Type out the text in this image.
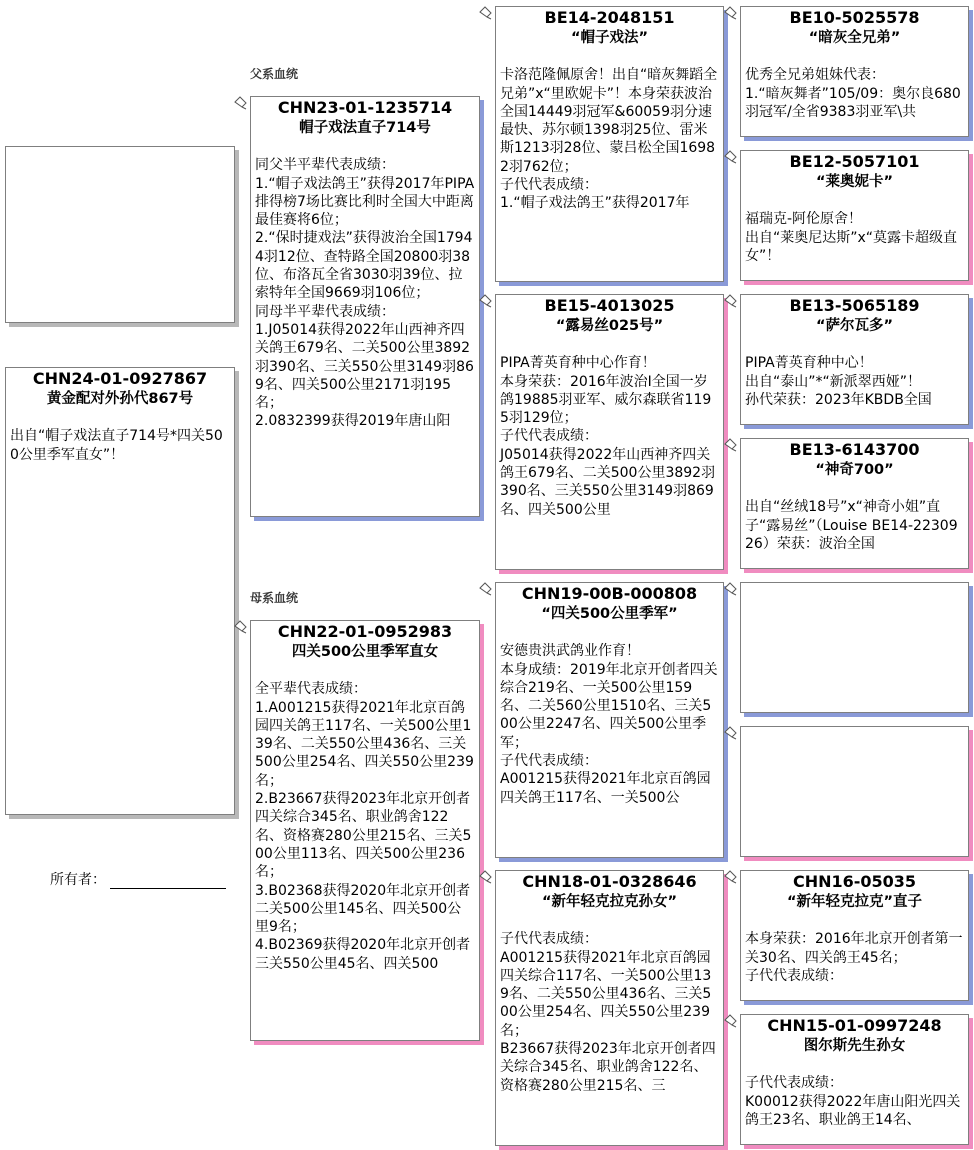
父系血统
母系血统
CHN24-01-0927867
黄金配对外孙代867号

出自“帽子戏法直子714号*四关500公里季军直女”！
所有者：
CHN23-01-1235714
帽子戏法直子714号

同父半平辈代表成绩：
1.“帽子戏法鸽王”获得2017年PIPA排得榜7场比赛比利时全国大中距离最佳赛将6位；
2.“保时捷戏法”获得波治全国17944羽12位、查特路全国20800羽38位、布洛瓦全省3030羽39位、拉索特年全国9669羽106位；
同母半平辈代表成绩：
1.J05014获得2022年山西神齐四关鸽王679名、二关500公里3892羽390名、三关550公里3149羽869名、四关500公里2171羽195名；
2.0832399获得2019年唐山阳
CHN22-01-0952983
四关500公里季军直女

全平辈代表成绩：
1.A001215获得2021年北京百鸽园四关鸽王117名、一关500公里139名、二关550公里436名、三关500公里254名、四关550公里239名；
2.B23667获得2023年北京开创者四关综合345名、职业鸽舍122名、资格赛280公里215名、三关500公里113名、四关500公里236名；
3.B02368获得2020年北京开创者二关500公里145名、四关500公里9名；
4.B02369获得2020年北京开创者三关550公里45名、四关500
BE14-2048151
“帽子戏法”

卡洛范隆佩原舍！出自“暗灰舞蹈全兄弟”x“里欧妮卡”！本身荣获波治全国14449羽冠军&60059羽分速最快、苏尔顿1398羽25位、雷米斯1213羽28位、蒙吕松全国16982羽762位；
子代代表成绩：
1.“帽子戏法鸽王”获得2017年
BE15-4013025
“露易丝025号”

PIPA菁英育种中心作育！
本身荣获：2016年波治I全国一岁鸽19885羽亚军、威尔森联省1195羽129位；
子代代表成绩：
J05014获得2022年山西神齐四关鸽王679名、二关500公里3892羽390名、三关550公里3149羽869名、四关500公里
CHN19-00B-000808
“四关500公里季军”

安德贵洪武鸽业作育！
本身成绩：2019年北京开创者四关综合219名、一关500公里159名、二关560公里1510名、三关500公里2247名、四关500公里季军；
子代代表成绩：
A001215获得2021年北京百鸽园四关鸽王117名、一关500公
CHN18-01-0328646
“新年轻克拉克孙女”

子代代表成绩：
A001215获得2021年北京百鸽园四关综合117名、一关500公里139名、二关550公里436名、三关500公里254名、四关550公里239名；
B23667获得2023年北京开创者四关综合345名、职业鸽舍122名、资格赛280公里215名、三
BE10-5025578
“暗灰全兄弟”

优秀全兄弟姐妹代表：
1.“暗灰舞者”105/09：奥尔良680羽冠军/全省9383羽亚军\共
BE12-5057101
“莱奥妮卡”

福瑞克-阿伦原舍！
出自“莱奥尼达斯”x“莫露卡超级直女”！
BE13-5065189
“萨尔瓦多”

PIPA菁英育种中心！
出自“泰山”*“新派翠西娅”！
孙代荣获：2023年KBDB全国
BE13-6143700
“神奇700”

出自“丝绒18号”x“神奇小姐”直子“露易丝”（Louise BE14-2230926）荣获：波治全国
CHN16-05035
“新年轻克拉克”直子

本身荣获：2016年北京开创者第一关30名、四关鸽王45名；
子代代表成绩：
CHN15-01-0997248
图尔斯先生孙女

子代代表成绩：
K00012获得2022年唐山阳光四关鸽王23名、职业鸽王14名、
